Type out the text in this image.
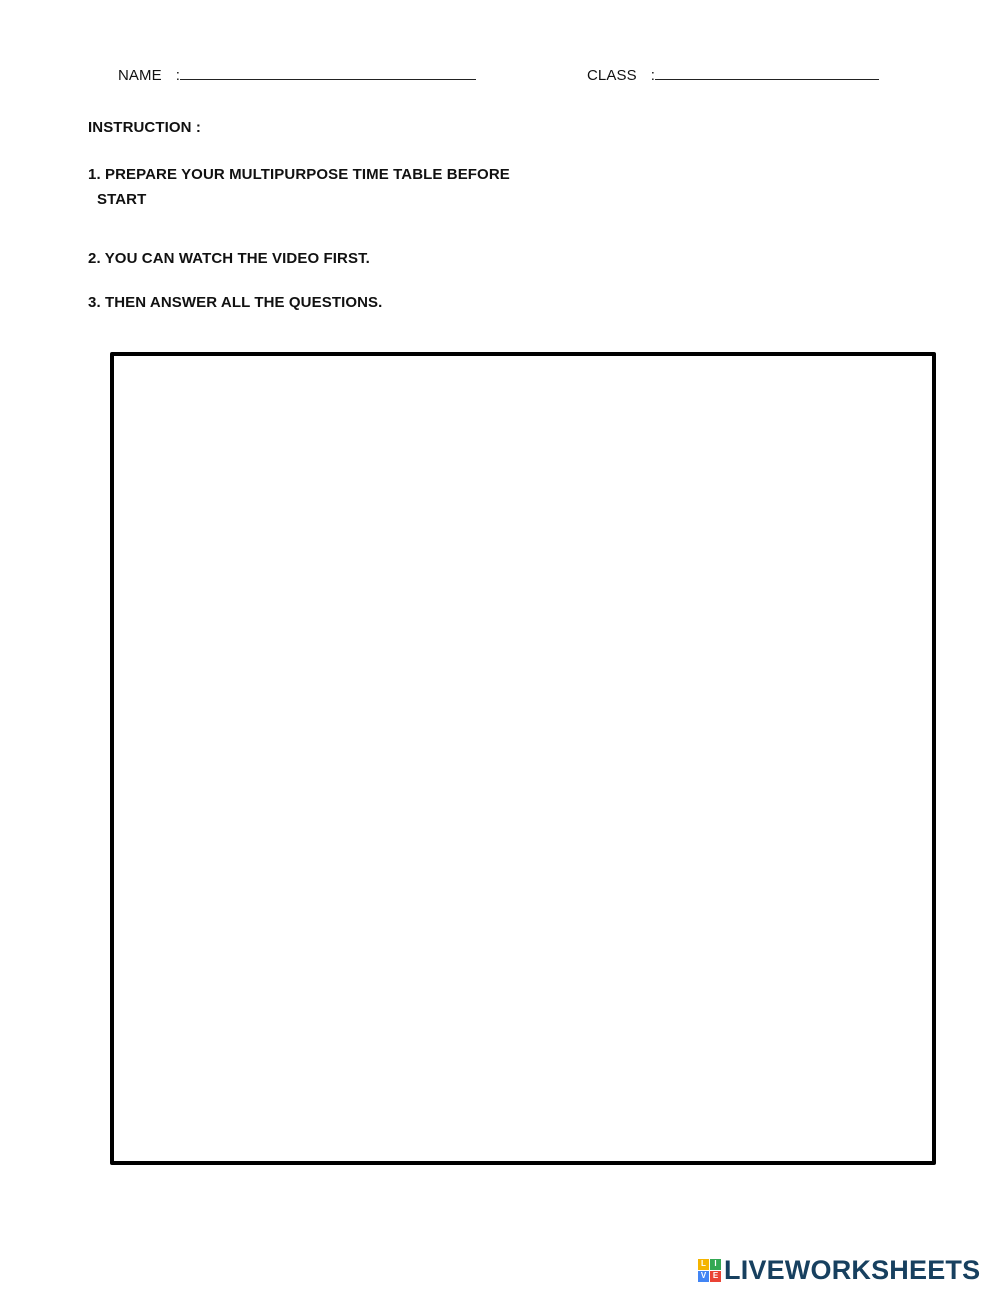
NAME :	CLASS :
INSTRUCTION :
1. PREPARE YOUR MULTIPURPOSE TIME TABLE BEFORE
START
2. YOU CAN WATCH THE VIDEO FIRST.
3. THEN ANSWER ALL THE QUESTIONS.
L	I
V E LIVEWORKSHEETS
